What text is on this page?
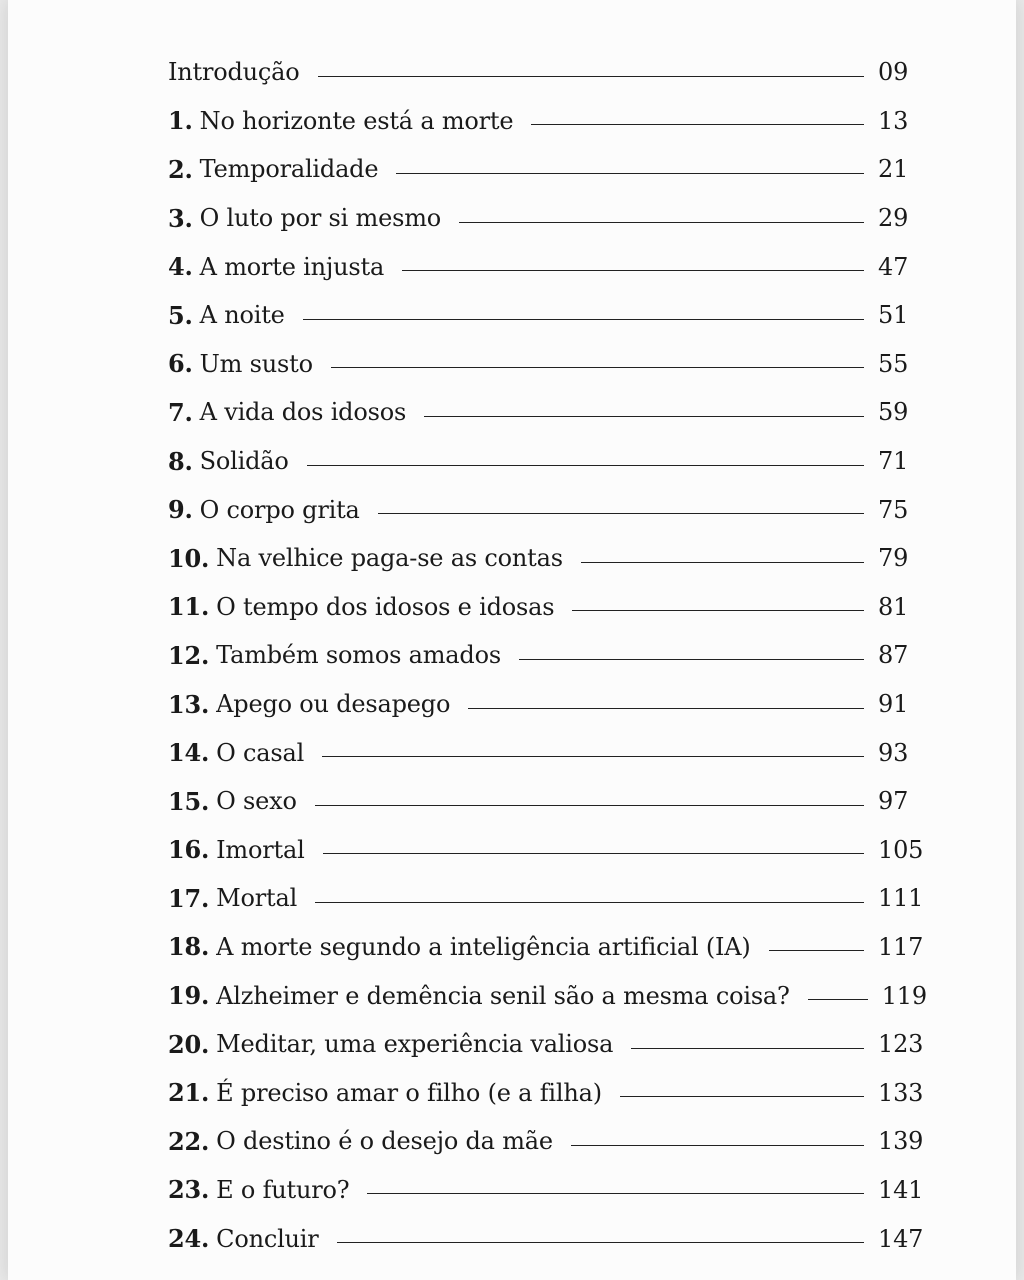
Introdução	09
1. No horizonte está a morte	13
2. Temporalidade	21
3. O luto por si mesmo	29
4. A morte injusta	47
5. A noite	51
6. Um susto	55
7. A vida dos idosos	59
8. Solidão	71
9. O corpo grita	75
10. Na velhice paga-se as contas	79
11. O tempo dos idosos e idosas	81
12. Também somos amados	87
13. Apego ou desapego	91
14. O casal	93
15. O sexo	97
16. Imortal	105
17. Mortal	111
18. A morte segundo a inteligência artificial (IA)	117
19. Alzheimer e demência senil são a mesma coisa?	119
20. Meditar, uma experiência valiosa	123
21. É preciso amar o filho (e a filha)	133
22. O destino é o desejo da mãe	139
23. E o futuro?	141
24. Concluir	147
